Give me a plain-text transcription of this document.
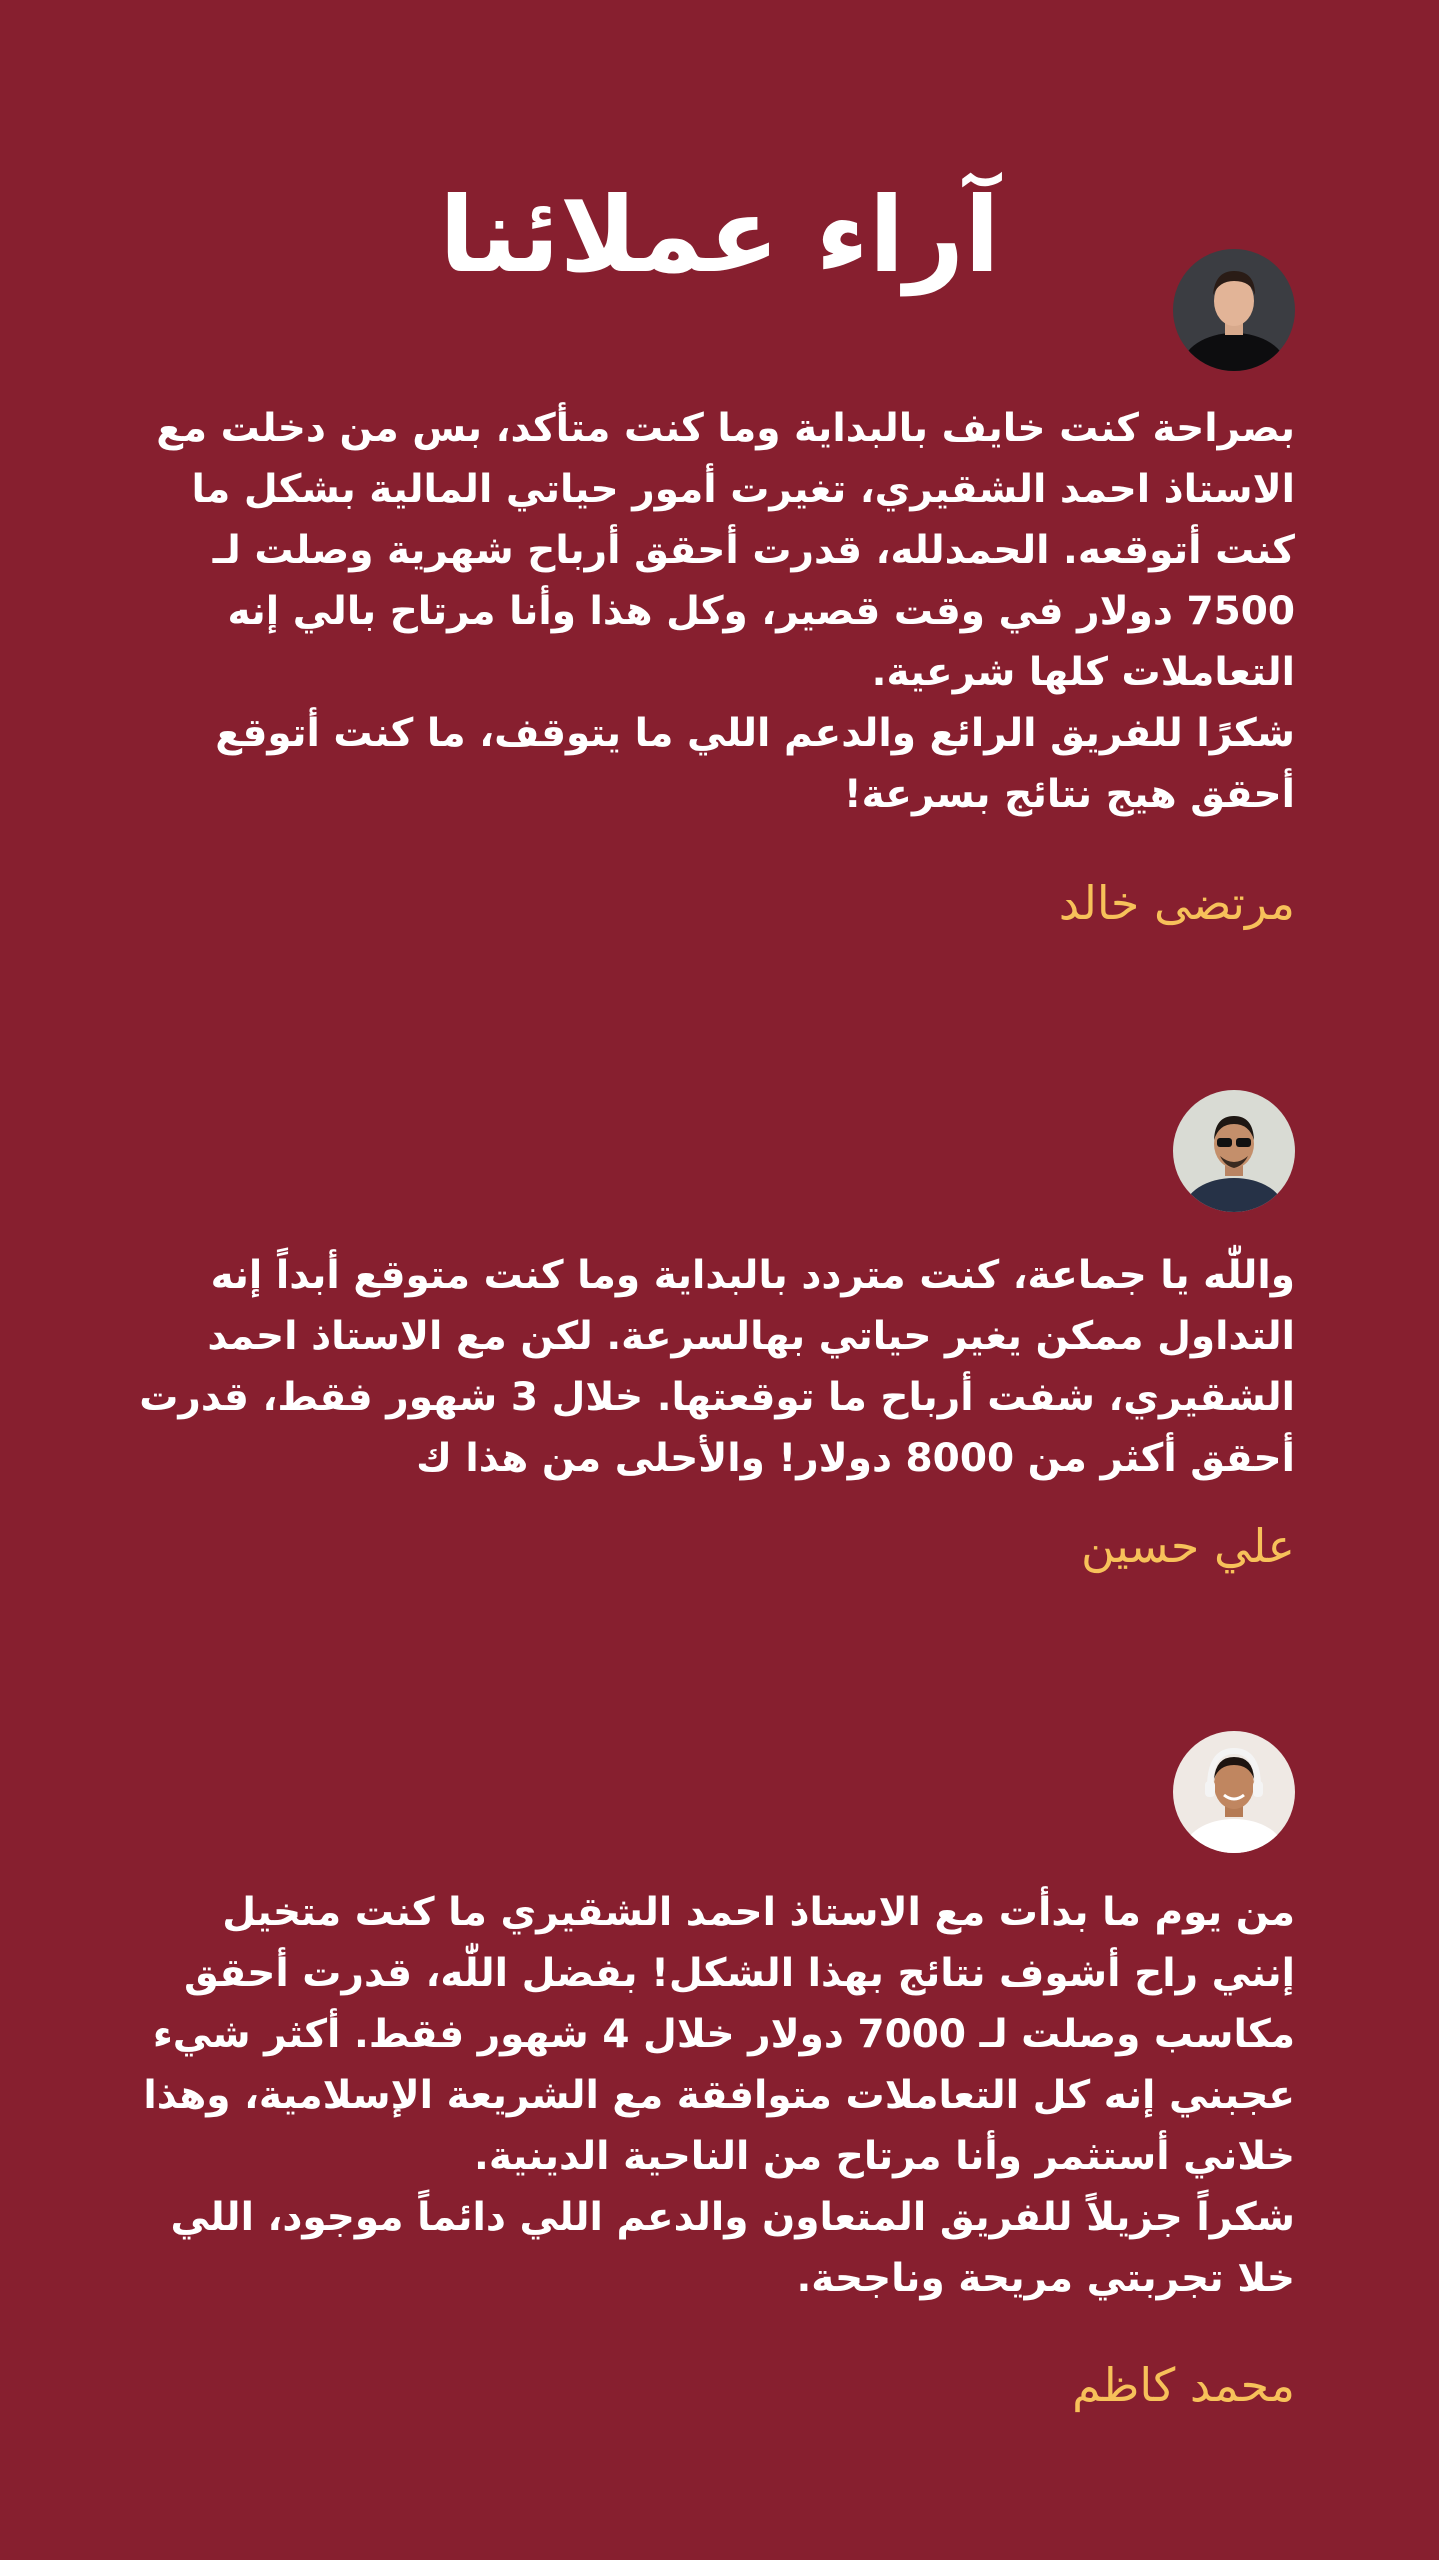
آراء عملائنا

بصراحة كنت خايف بالبداية وما كنت متأكد، بس من دخلت مع الاستاذ احمد الشقيري، تغيرت أمور حياتي المالية بشكل ما كنت أتوقعه. الحمدلله، قدرت أحقق أرباح شهرية وصلت لـ 7500 دولار في وقت قصير، وكل هذا وأنا مرتاح بالي إنه التعاملات كلها شرعية.
شكرًا للفريق الرائع والدعم اللي ما يتوقف، ما كنت أتوقع أحقق هيج نتائج بسرعة!

مرتضى خالد

واللّٰه يا جماعة، كنت متردد بالبداية وما كنت متوقع أبداً إنه التداول ممكن يغير حياتي بهالسرعة. لكن مع الاستاذ احمد الشقيري، شفت أرباح ما توقعتها. خلال 3 شهور فقط، قدرت أحقق أكثر من 8000 دولار! والأحلى من هذا ك

علي حسين

من يوم ما بدأت مع الاستاذ احمد الشقيري ما كنت متخيل إنني راح أشوف نتائج بهذا الشكل! بفضل اللّٰه، قدرت أحقق مكاسب وصلت لـ 7000 دولار خلال 4 شهور فقط. أكثر شيء عجبني إنه كل التعاملات متوافقة مع الشريعة الإسلامية، وهذا خلاني أستثمر وأنا مرتاح من الناحية الدينية.
شكراً جزيلاً للفريق المتعاون والدعم اللي دائماً موجود، اللي خلا تجربتي مريحة وناجحة.

محمد كاظم
